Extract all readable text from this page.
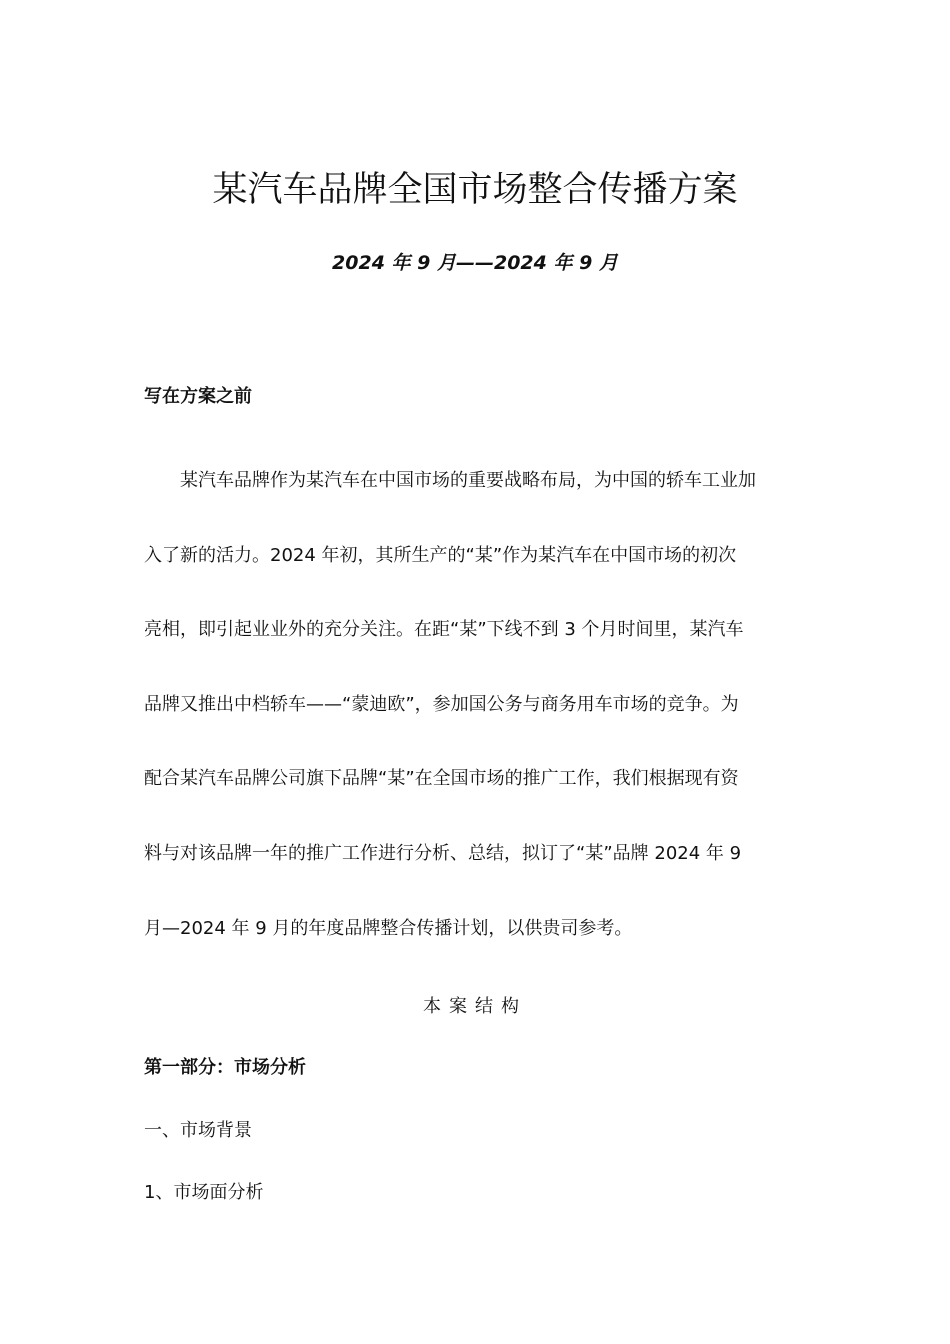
某汽车品牌全国市场整合传播方案

2024 年 9 月——2024 年 9 月

写在方案之前

某汽车品牌作为某汽车在中国市场的重要战略布局，为中国的轿车工业加
入了新的活力。2024 年初，其所生产的“某”作为某汽车在中国市场的初次
亮相，即引起业业外的充分关注。在距“某”下线不到 3 个月时间里，某汽车
品牌又推出中档轿车——“蒙迪欧”，参加国公务与商务用车市场的竞争。为
配合某汽车品牌公司旗下品牌“某”在全国市场的推广工作，我们根据现有资
料与对该品牌一年的推广工作进行分析、总结，拟订了“某”品牌 2024 年 9
月—2024 年 9 月的年度品牌整合传播计划，以供贵司参考。

本案结构

第一部分：市场分析

一、市场背景

1、市场面分析
